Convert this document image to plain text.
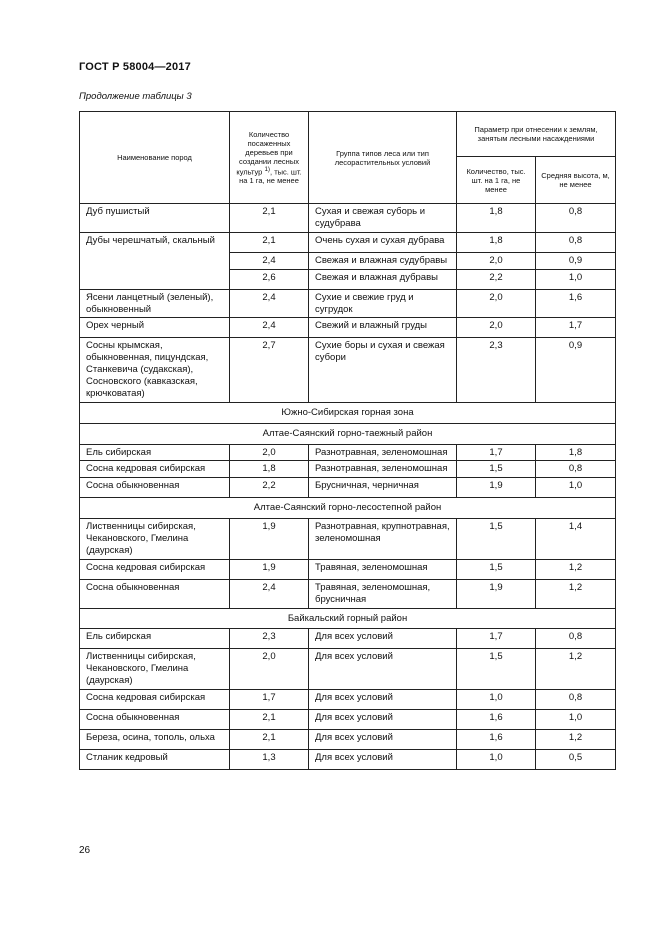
ГОСТ Р 58004—2017
Продолжение таблицы 3
Наименование пород	Количество посаженных деревьев при создании лесных культур $^{1)}$, тыс. шт. на 1 га, не менее	Группа типов леса или тип лесорастительных условий	Параметр при отнесении к землям, занятым лесными насаждениями	
			Количество, тыс. шт. на 1 га, не менее	Средняя высота, м, не менее
Дуб пушистый	2,1	Сухая и свежая суборь и судубрава	1,8	0,8
Дубы черешчатый, скальный	2,1	Очень сухая и сухая дубрава	1,8	0,8
	2,4	Свежая и влажная судубравы	2,0	0,9
	2,6	Свежая и влажная дубравы	2,2	1,0
Ясени ланцетный (зеленый), обыкновенный	2,4	Сухие и свежие груд и сугрудок	2,0	1,6
Орех черный	2,4	Свежий и влажный груды	2,0	1,7
Сосны крымская, обыкновенная, пицундская, Станкевича (судакская), Сосновского (кавказская, крючковатая)	2,7	Сухие боры и сухая и свежая субори	2,3	0,9
Южно-Сибирская горная зона				
Алтае-Саянский горно-таежный район				
Ель сибирская	2,0	Разнотравная, зеленомошная	1,7	1,8
Сосна кедровая сибирская	1,8	Разнотравная, зеленомошная	1,5	0,8
Сосна обыкновенная	2,2	Брусничная, черничная	1,9	1,0
Алтае-Саянский горно-лесостепной район				
Лиственницы сибирская, Чекановского, Гмелина (даурская)	1,9	Разнотравная, крупнотравная, зеленомошная	1,5	1,4
Сосна кедровая сибирская	1,9	Травяная, зеленомошная	1,5	1,2
Сосна обыкновенная	2,4	Травяная, зеленомошная, брусничная	1,9	1,2
Байкальский горный район				
Ель сибирская	2,3	Для всех условий	1,7	0,8
Лиственницы сибирская, Чекановского, Гмелина (даурская)	2,0	Для всех условий	1,5	1,2
Сосна кедровая сибирская	1,7	Для всех условий	1,0	0,8
Сосна обыкновенная	2,1	Для всех условий	1,6	1,0
Береза, осина, тополь, ольха	2,1	Для всех условий	1,6	1,2
Стланик кедровый	1,3	Для всех условий	1,0	0,5
26
